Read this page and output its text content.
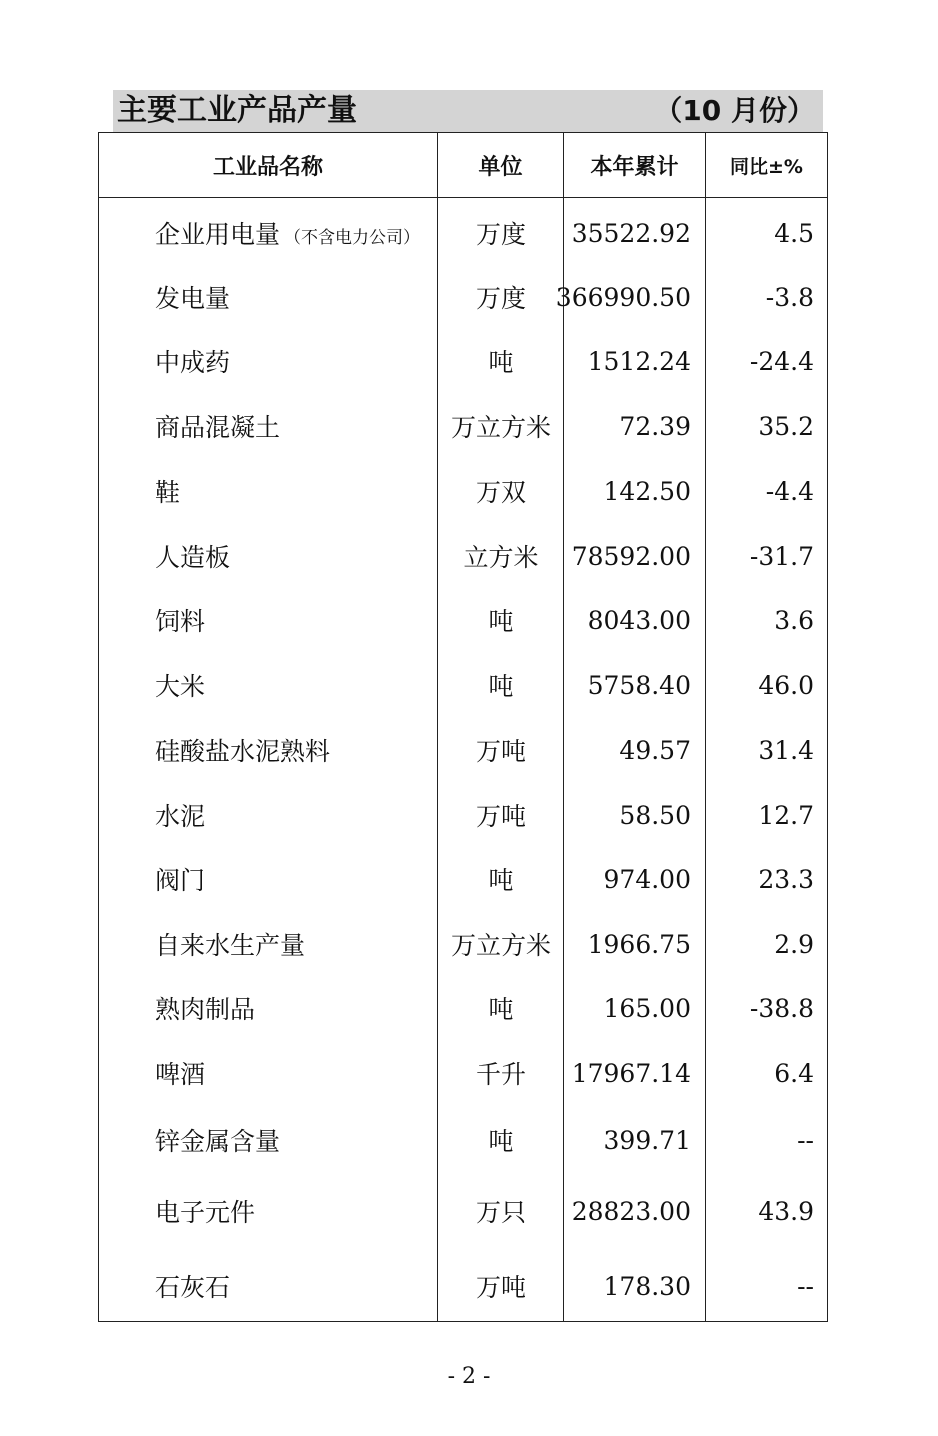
主要工业产品产量	（10 月份）
工业品名称	单位	本年累计	同比±%
企业用电量 （不含电力公司）	万度	35522.92	4.5
发电量	万度	366990.50	-3.8
中成药	吨	1512.24	-24.4
商品混凝土	万立方米	72.39	35.2
鞋	万双	142.50	-4.4
人造板	立方米	78592.00	-31.7
饲料	吨	8043.00	3.6
大米	吨	5758.40	46.0
硅酸盐水泥熟料	万吨	49.57	31.4
水泥	万吨	58.50	12.7
阀门	吨	974.00	23.3
自来水生产量	万立方米	1966.75	2.9
熟肉制品	吨	165.00	-38.8
啤酒	千升	17967.14	6.4
锌金属含量	吨	399.71	--
电子元件	万只	28823.00	43.9
石灰石	万吨	178.30	--
- 2 -
